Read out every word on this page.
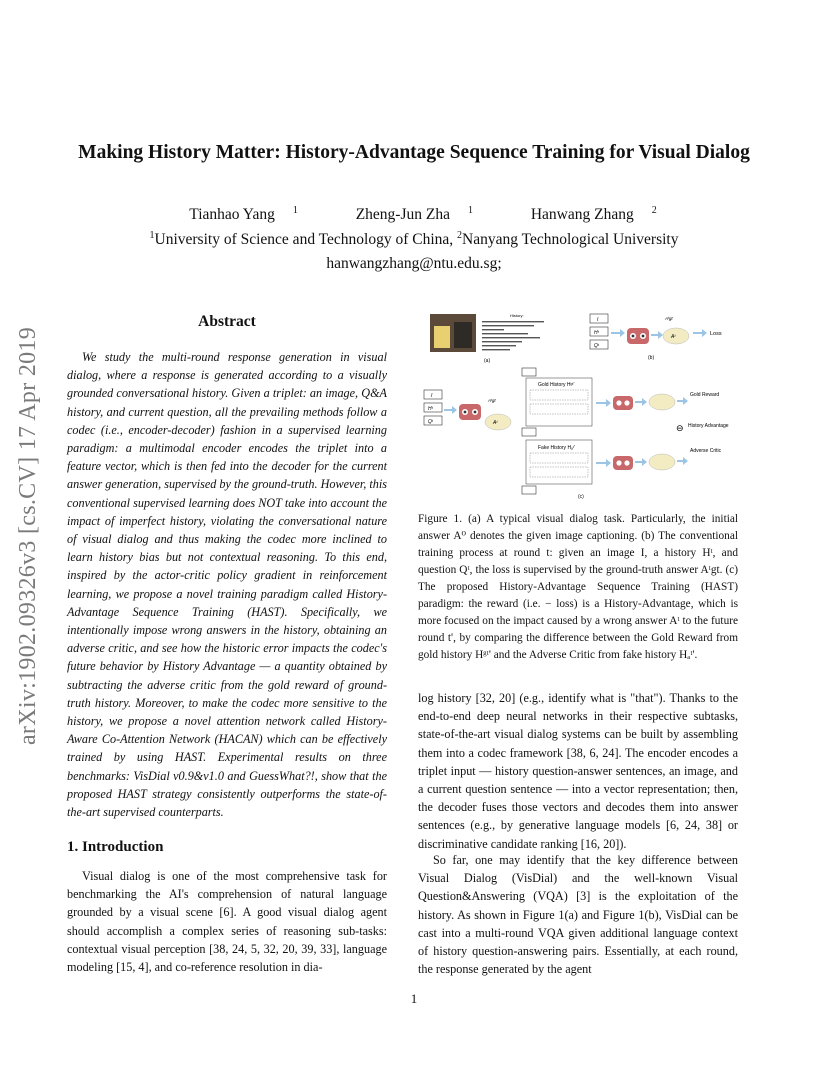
arXiv:1902.09326v3 [cs.CV] 17 Apr 2019
Making History Matter: History-Advantage Sequence Training for Visual Dialog
Tianhao Yang $^1$	Zheng-Jun Zha $^1$	Hanwang Zhang $^2$
$^1$University of Science and Technology of China, $^2$Nanyang Technological University
hanwangzhang@ntu.edu.sg;
Abstract
We study the multi-round response generation in visual dialog, where a response is generated according to a visually grounded conversational history. Given a triplet: an image, Q&A history, and current question, all the prevailing methods follow a codec (i.e., encoder-decoder) fashion in a supervised learning paradigm: a multimodal encoder encodes the triplet into a feature vector, which is then fed into the decoder for the current answer generation, supervised by the ground-truth. However, this conventional supervised learning does NOT take into account the impact of imperfect history, violating the conversational nature of visual dialog and thus making the codec more inclined to learn history bias but not contextual reasoning. To this end, inspired by the actor-critic policy gradient in reinforcement learning, we propose a novel training paradigm called History-Advantage Sequence Training (HAST). Specifically, we intentionally impose wrong answers in the history, obtaining an adverse critic, and see how the historic error impacts the codec's future behavior by History Advantage — a quantity obtained by subtracting the adverse critic from the gold reward of ground-truth history. Moreover, to make the codec more sensitive to the history, we propose a novel attention network called History-Aware Co-Attention Network (HACAN) which can be effectively trained by using HAST. Experimental results on three benchmarks: VisDial v0.9&v1.0 and GuessWhat?!, show that the proposed HAST strategy consistently outperforms the state-of-the-art supervised counterparts.
1. Introduction
Visual dialog is one of the most comprehensive task for benchmarking the AI's comprehension of natural language grounded by a visual scene [6]. A good visual dialog agent should accomplish a complex series of reasoning sub-tasks: contextual visual perception [38, 24, 5, 32, 20, 39, 33], language modeling [15, 4], and co-reference resolution in dia-
History:
(a)
I
Hᵗ
Qᵗ
Aᵗ
Aᵗgt
Loss
(b)
I
Hᵗ
Qᵗ	Aᵗ
Aᵗgt
Gold History Hᵍᵗ'
Fake History Hₐᵗ'
Gold Reward
Adverse Critic
⊖ History Advantage
(c)
Figure 1. (a) A typical visual dialog task. Particularly, the initial answer A⁰ denotes the given image captioning. (b) The conventional training process at round t: given an image I, a history Hᵗ, and question Qᵗ, the loss is supervised by the ground-truth answer Aᵗgt. (c) The proposed History-Advantage Sequence Training (HAST) paradigm: the reward (i.e. − loss) is a History-Advantage, which is more focused on the impact caused by a wrong answer Aᵗ to the future round t', by comparing the difference between the Gold Reward from gold history Hᵍᵗ' and the Adverse Critic from fake history Hₐᵗ'.
log history [32, 20] (e.g., identify what is "that"). Thanks to the end-to-end deep neural networks in their respective subtasks, state-of-the-art visual dialog systems can be built by assembling them into a codec framework [38, 6, 24]. The encoder encodes a triplet input — history question-answer sentences, an image, and a current question sentence — into a vector representation; then, the decoder fuses those vectors and decodes them into answer sentences (e.g., by generative language models [6, 24, 38] or discriminative candidate ranking [16, 20]).
So far, one may identify that the key difference between Visual Dialog (VisDial) and the well-known Visual Question&Answering (VQA) [3] is the exploitation of the history. As shown in Figure 1(a) and Figure 1(b), VisDial can be cast into a multi-round VQA given additional language context of history question-answering pairs. Essentially, at each round, the response generated by the agent
1
